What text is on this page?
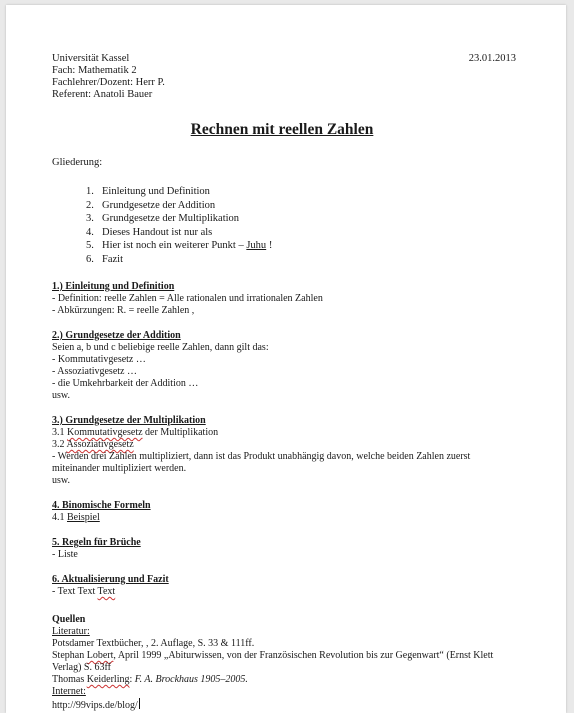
Universität Kassel	23.01.2013
Fach: Mathematik 2
Fachlehrer/Dozent: Herr P.
Referent: Anatoli Bauer
Rechnen mit reellen Zahlen
Gliederung:
1. Einleitung und Definition
2. Grundgesetze der Addition
3. Grundgesetze der Multiplikation
4. Dieses Handout ist nur als
5. Hier ist noch ein weiterer Punkt – Juhu !
6. Fazit
1.) Einleitung und Definition
- Definition: reelle Zahlen = Alle rationalen und irrationalen Zahlen
- Abkürzungen: R. = reelle Zahlen ,
2.) Grundgesetze der Addition
Seien a, b und c beliebige reelle Zahlen, dann gilt das:
- Kommutativgesetz …
- Assoziativgesetz …
- die Umkehrbarkeit der Addition …
usw.
3.) Grundgesetze der Multiplikation
3.1 Kommutativgesetz der Multiplikation
3.2 Assoziativgesetz
- Werden drei Zahlen multipliziert, dann ist das Produkt unabhängig davon, welche beiden Zahlen zuerst
miteinander multipliziert werden.
usw.
4. Binomische Formeln
4.1 Beispiel
5. Regeln für Brüche
- Liste
6. Aktualisierung und Fazit
- Text Text Text
Quellen
Literatur:
Potsdamer Textbücher, , 2. Auflage, S. 33 & 111ff.
Stephan Lobert, April 1999 „Abiturwissen, von der Französischen Revolution bis zur Gegenwart“ (Ernst Klett
Verlag) S. 63ff
Thomas Keiderling: F. A. Brockhaus 1905–2005.
Internet:
http://99vips.de/blog/
